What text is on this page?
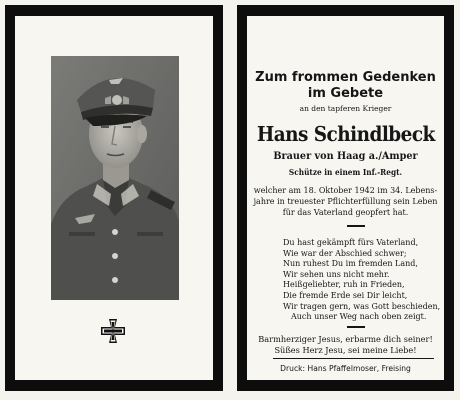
Zum frommen Gedenken
im Gebete
an den tapferen Krieger
Hans Schindlbeck
Brauer von Haag a./Amper
Schütze in einem Inf.-Regt.
welcher am 18. Oktober 1942 im 34. Lebens-
jahre in treuester Pflichterfüllung sein Leben
für das Vaterland geopfert hat.
Du hast gekämpft fürs Vaterland,
Wie war der Abschied schwer;
Nun ruhest Du im fremden Land,
Wir sehen uns nicht mehr.
Heißgeliebter, ruh in Frieden,
Die fremde Erde sei Dir leicht,
Wir tragen gern, was Gott beschieden,
Auch unser Weg nach oben zeigt.
Barmherziger Jesus, erbarme dich seiner!
Süßes Herz Jesu, sei meine Liebe!
Druck: Hans Pfaffelmoser, Freising
